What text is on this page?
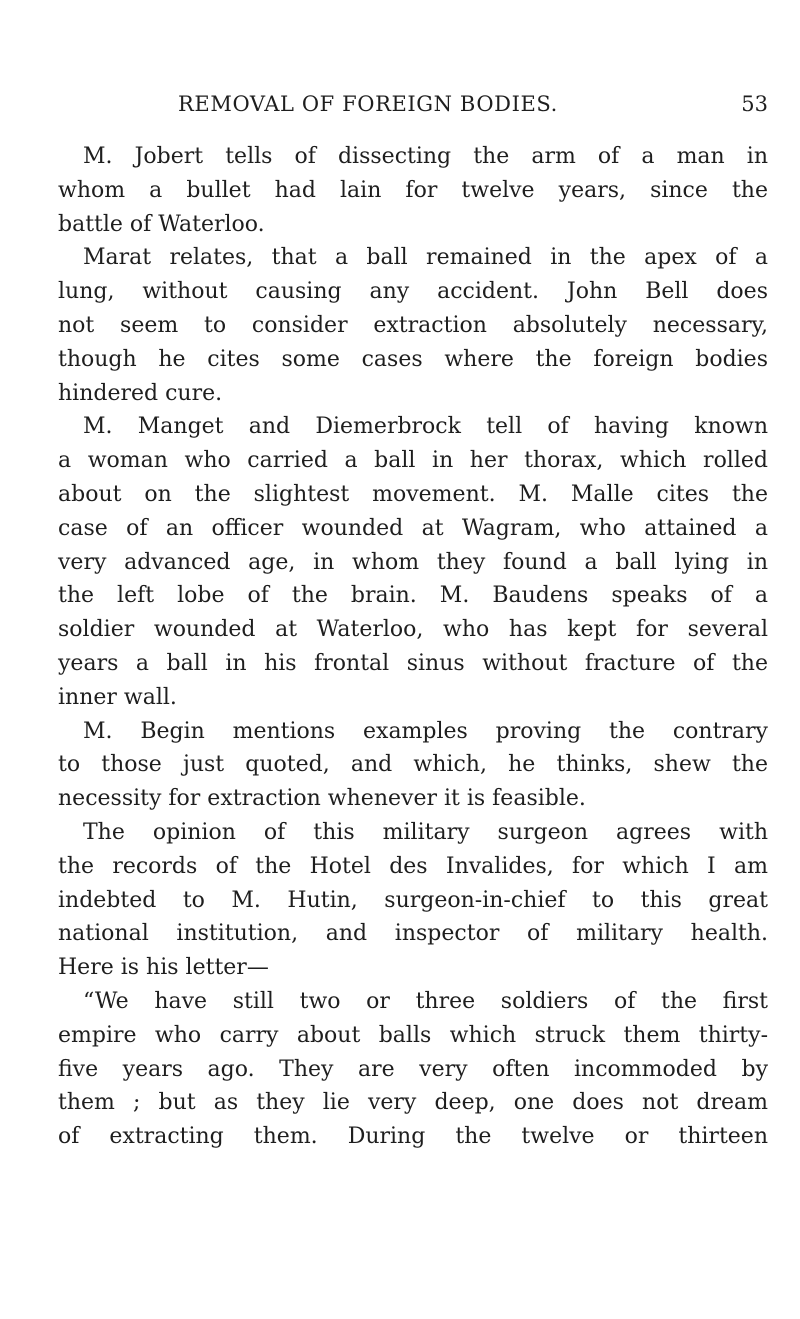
REMOVAL OF FOREIGN BODIES.	53
M. Jobert tells of dissecting the arm of a man in
whom a bullet had lain for twelve years, since the
battle of Waterloo.
Marat relates, that a ball remained in the apex of a
lung, without causing any accident. John Bell does
not seem to consider extraction absolutely necessary,
though he cites some cases where the foreign bodies
hindered cure.
M. Manget and Diemerbrock tell of having known
a woman who carried a ball in her thorax, which rolled
about on the slightest movement. M. Malle cites the
case of an officer wounded at Wagram, who attained a
very advanced age, in whom they found a ball lying in
the left lobe of the brain. M. Baudens speaks of a
soldier wounded at Waterloo, who has kept for several
years a ball in his frontal sinus without fracture of the
inner wall.
M. Begin mentions examples proving the contrary
to those just quoted, and which, he thinks, shew the
necessity for extraction whenever it is feasible.
The opinion of this military surgeon agrees with
the records of the Hotel des Invalides, for which I am
indebted to M. Hutin, surgeon-in-chief to this great
national institution, and inspector of military health.
Here is his letter—
“We have still two or three soldiers of the first
empire who carry about balls which struck them thirty-
five years ago. They are very often incommoded by
them ; but as they lie very deep, one does not dream
of extracting them. During the twelve or thirteen
